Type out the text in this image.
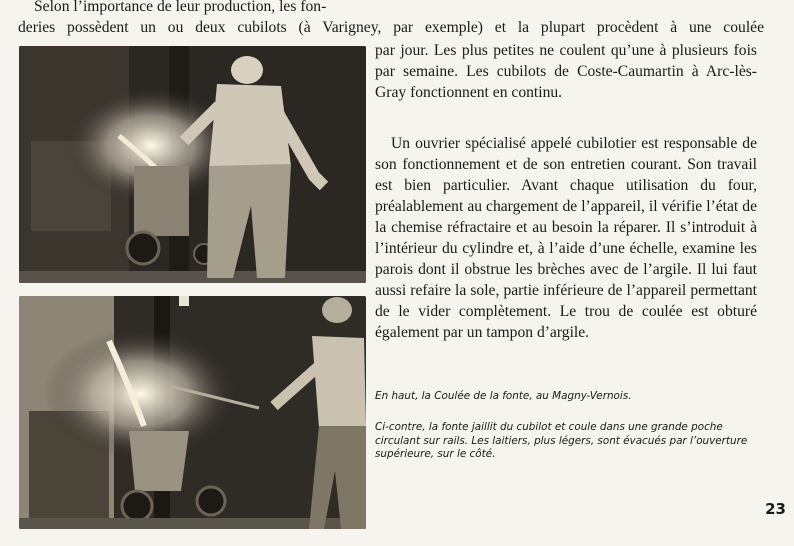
Selon l’importance de leur production, les fon-
deries possèdent un ou deux cubilots (à Varigney, par exemple) et la plupart procèdent à une coulée

par jour. Les plus petites ne coulent qu’une à plusieurs fois par semaine. Les cubilots de Coste-Caumartin à Arc-lès-Gray fonctionnent en continu.

Un ouvrier spécialisé appelé cubilotier est responsable de son fonctionnement et de son entretien courant. Son travail est bien particulier. Avant chaque utilisation du four, préalablement au chargement de l’appareil, il vérifie l’état de la chemise réfractaire et au besoin la réparer. Il s’introduit à l’intérieur du cylindre et, à l’aide d’une échelle, examine les parois dont il obstrue les brèches avec de l’argile. Il lui faut aussi refaire la sole, partie inférieure de l’appareil permettant de le vider complètement. Le trou de coulée est obturé également par un tampon d’argile.

En haut, la Coulée de la fonte, au Magny-Vernois.

Ci-contre, la fonte jaillit du cubilot et coule dans une grande poche circulant sur rails. Les laitiers, plus légers, sont évacués par l’ouverture supérieure, sur le côté.

23
